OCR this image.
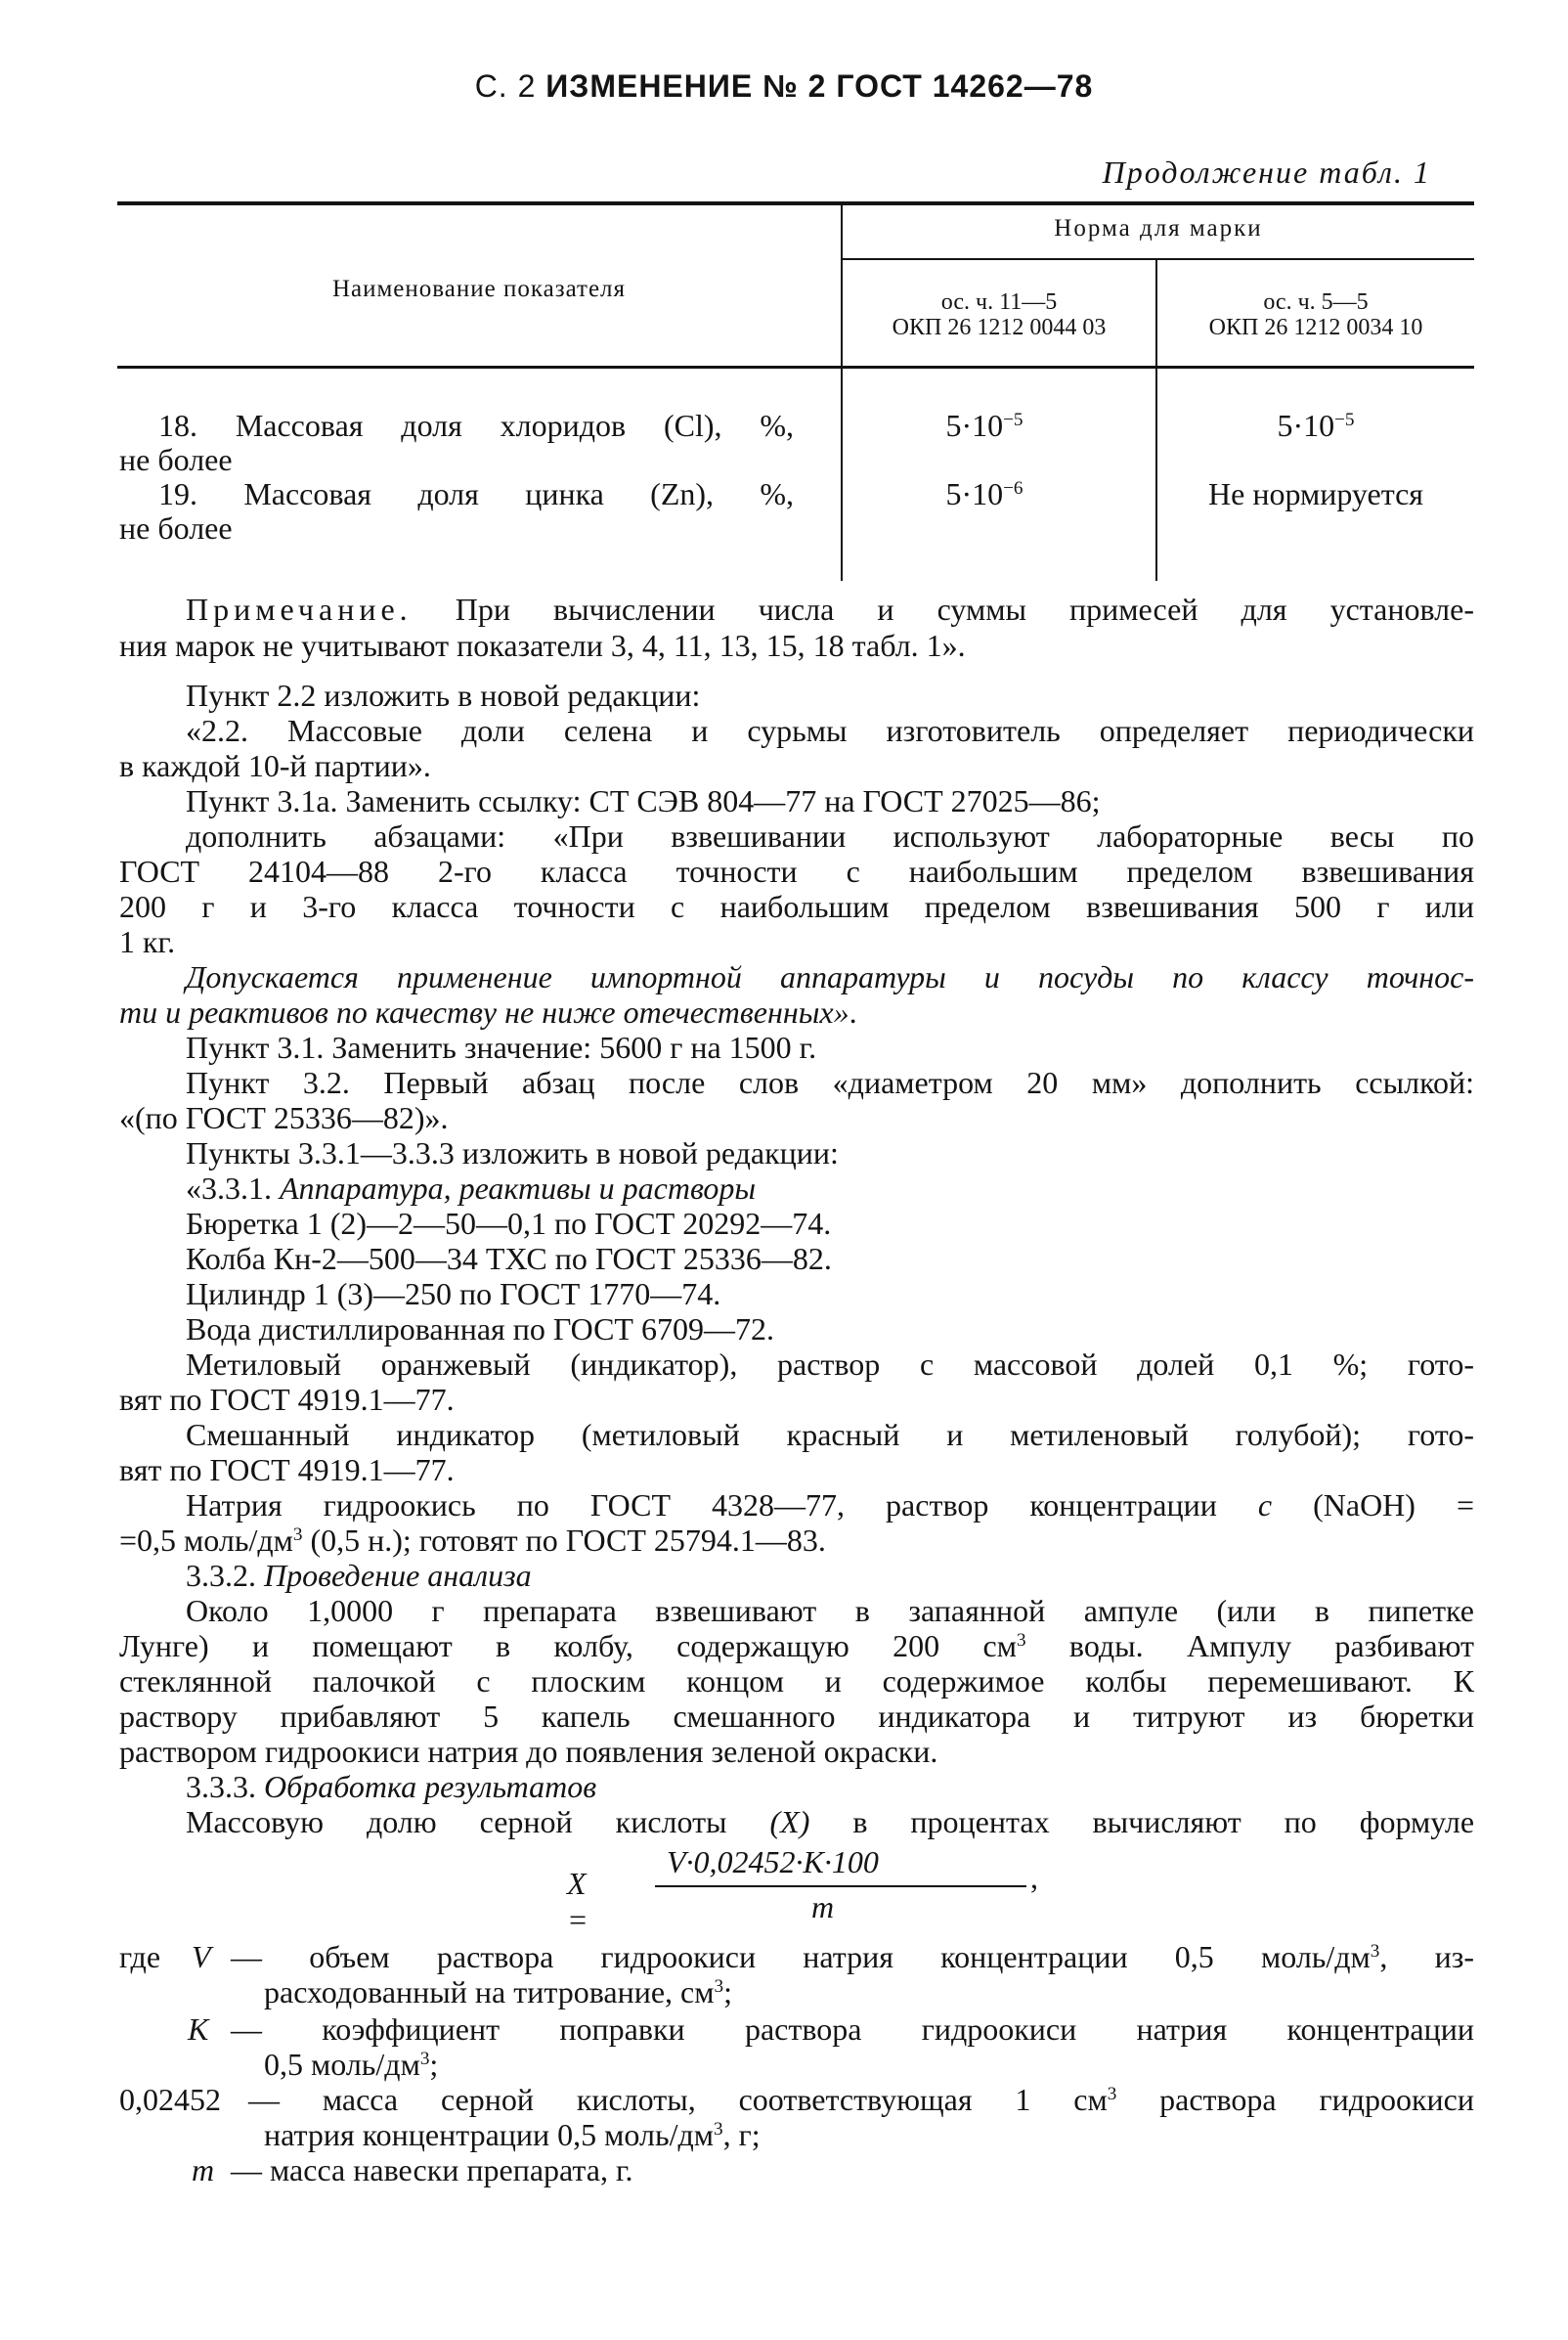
С. 2 ИЗМЕНЕНИЕ № 2 ГОСТ 14262—78
Продолжение табл. 1
Наименование показателя
Норма для марки
ос. ч. 11—5
ОКП 26 1212 0044 03
ос. ч. 5—5
ОКП 26 1212 0034 10
18. Массовая доля хлоридов (Cl), %,
не более
$5\cdot 10^{-5}$	$5\cdot 10^{-5}$
19. Массовая доля цинка (Zn), %,
не более
$5\cdot 10^{-6}$	Не нормируется
Примечание. При вычислении числа и суммы примесей для установле-
ния марок не учитывают показатели 3, 4, 11, 13, 15, 18 табл. 1».
Пункт 2.2 изложить в новой редакции:
«2.2. Массовые доли селена и сурьмы изготовитель определяет периодически
в каждой 10-й партии».
Пункт 3.1а. Заменить ссылку: СТ СЭВ 804—77 на ГОСТ 27025—86;
дополнить абзацами: «При взвешивании используют лабораторные весы по
ГОСТ 24104—88 2-го класса точности с наибольшим пределом взвешивания
200 г и 3-го класса точности с наибольшим пределом взвешивания 500 г или
1 кг.
Допускается применение импортной аппаратуры и посуды по классу точнос-
ти и реактивов по качеству не ниже отечественных».
Пункт 3.1. Заменить значение: 5600 г на 1500 г.
Пункт 3.2. Первый абзац после слов «диаметром 20 мм» дополнить ссылкой:
«(по ГОСТ 25336—82)».
Пункты 3.3.1—3.3.3 изложить в новой редакции:
«3.3.1. Аппаратура, реактивы и растворы
Бюретка 1 (2)—2—50—0,1 по ГОСТ 20292—74.
Колба Кн-2—500—34 ТХС по ГОСТ 25336—82.
Цилиндр 1 (3)—250 по ГОСТ 1770—74.
Вода дистиллированная по ГОСТ 6709—72.
Метиловый оранжевый (индикатор), раствор с массовой долей 0,1 %; гото-
вят по ГОСТ 4919.1—77.
Смешанный индикатор (метиловый красный и метиленовый голубой); гото-
вят по ГОСТ 4919.1—77.
Натрия гидроокись по ГОСТ 4328—77, раствор концентрации c (NaOH) =
=0,5 моль/$дм^3$ (0,5 н.); готовят по ГОСТ 25794.1—83.
3.3.2. Проведение анализа
Около 1,0000 г препарата взвешивают в запаянной ампуле (или в пипетке
Лунге) и помещают в колбу, содержащую 200 $см^3$ воды. Ампулу разбивают
стеклянной палочкой с плоским концом и содержимое колбы перемешивают. К
раствору прибавляют 5 капель смешанного индикатора и титруют из бюретки
раствором гидроокиси натрия до появления зеленой окраски.
3.3.3. Обработка результатов
Массовую долю серной кислоты (X) в процентах вычисляют по формуле
X =
V·0,02452·K·100
m
,
где V — объем раствора гидроокиси натрия концентрации 0,5 моль/$дм^3$, из-
расходованный на титрование, $см^3$;
K — коэффициент поправки раствора гидроокиси натрия концентрации
0,5 моль/$дм^3$;
0,02452 — масса серной кислоты, соответствующая 1 $см^3$ раствора гидроокиси
натрия концентрации 0,5 моль/$дм^3$, г;
m — масса навески препарата, г.
